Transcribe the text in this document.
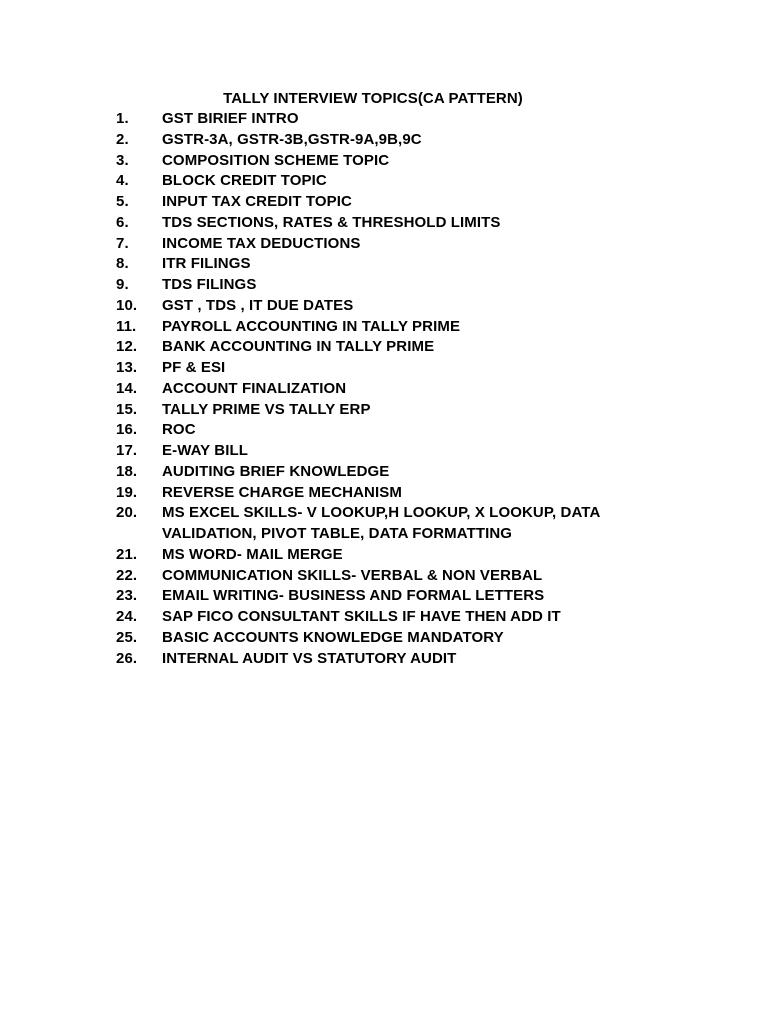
TALLY INTERVIEW TOPICS(CA PATTERN)
1.	GST BIRIEF INTRO
2.	GSTR-3A, GSTR-3B,GSTR-9A,9B,9C
3.	COMPOSITION SCHEME TOPIC
4.	BLOCK CREDIT TOPIC
5.	INPUT TAX CREDIT TOPIC
6.	TDS SECTIONS, RATES & THRESHOLD LIMITS
7.	INCOME TAX DEDUCTIONS
8.	ITR FILINGS
9.	TDS FILINGS
10.	GST , TDS , IT DUE DATES
11.	PAYROLL ACCOUNTING IN TALLY PRIME
12.	BANK ACCOUNTING IN TALLY PRIME
13.	PF & ESI
14.	ACCOUNT FINALIZATION
15.	TALLY PRIME VS TALLY ERP
16.	ROC
17.	E-WAY BILL
18.	AUDITING BRIEF KNOWLEDGE
19.	REVERSE CHARGE MECHANISM
20.	MS EXCEL SKILLS- V LOOKUP,H LOOKUP, X LOOKUP, DATA VALIDATION, PIVOT TABLE, DATA FORMATTING
21.	MS WORD- MAIL MERGE
22.	COMMUNICATION SKILLS- VERBAL & NON VERBAL
23.	EMAIL WRITING- BUSINESS AND FORMAL LETTERS
24.	SAP FICO CONSULTANT SKILLS IF HAVE THEN ADD IT
25.	BASIC ACCOUNTS KNOWLEDGE MANDATORY
26.	INTERNAL AUDIT VS STATUTORY AUDIT
